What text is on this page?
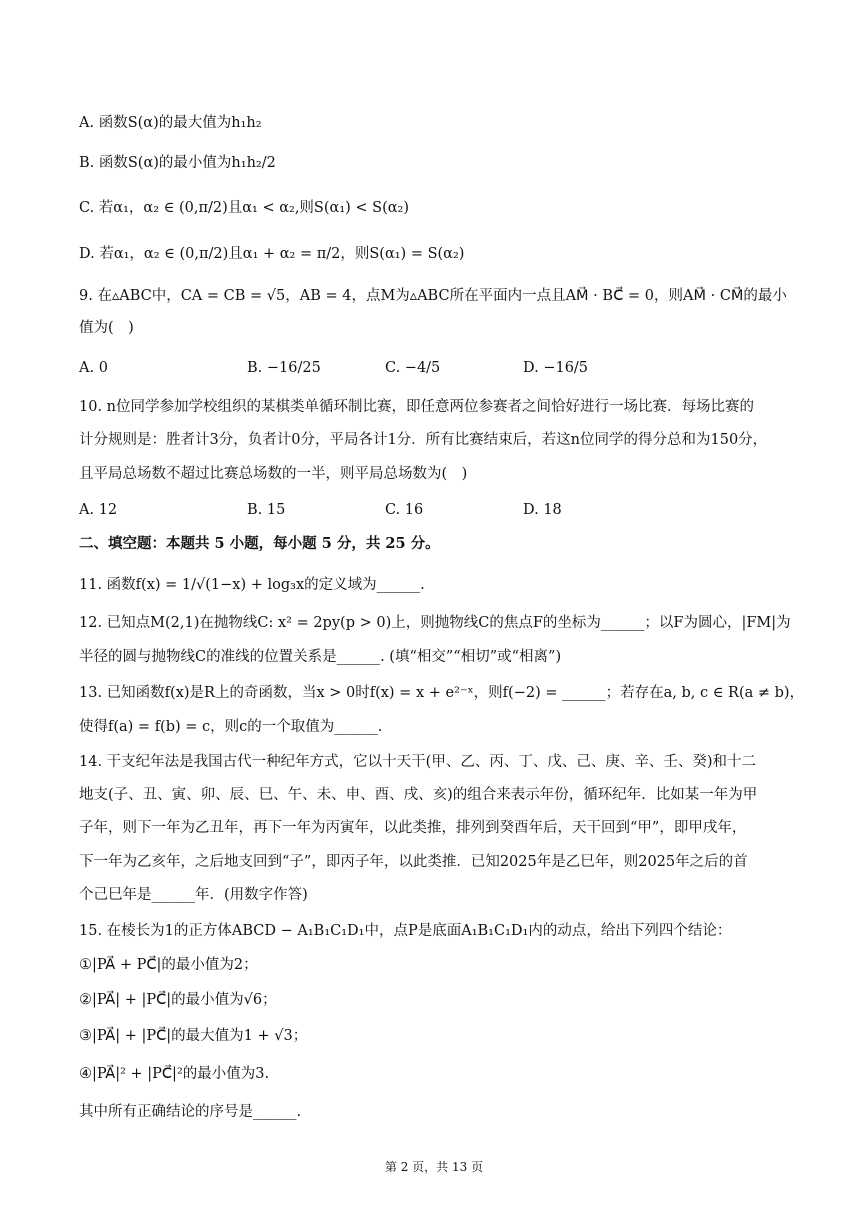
A. 函数S(α)的最大值为h₁h₂
B. 函数S(α)的最小值为h₁h₂/2
C. 若α₁，α₂ ∈ (0,π/2)且α₁ < α₂,则S(α₁) < S(α₂)
D. 若α₁，α₂ ∈ (0,π/2)且α₁ + α₂ = π/2，则S(α₁) = S(α₂)
9. 在▵ABC中，CA = CB = √5，AB = 4，点M为▵ABC所在平面内一点且AM⃗ · BC⃗ = 0，则AM⃗ · CM⃗的最小
值为(　)
A. 0	B. −16/25	C. −4/5	D. −16/5
10. n位同学参加学校组织的某棋类单循环制比赛，即任意两位参赛者之间恰好进行一场比赛．每场比赛的
计分规则是：胜者计3分，负者计0分，平局各计1分．所有比赛结束后，若这n位同学的得分总和为150分，
且平局总场数不超过比赛总场数的一半，则平局总场数为(　)
A. 12	B. 15	C. 16	D. 18
二、填空题：本题共 5 小题，每小题 5 分，共 25 分。
11. 函数f(x) = 1/√(1−x) + log₃x的定义域为______.
12. 已知点M(2,1)在抛物线C: x² = 2py(p > 0)上，则抛物线C的焦点F的坐标为______；以F为圆心，|FM|为
半径的圆与抛物线C的准线的位置关系是______. (填“相交”“相切”或“相离”)
13. 已知函数f(x)是R上的奇函数，当x > 0时f(x) = x + e²⁻ˣ，则f(−2) = ______；若存在a, b, c ∈ R(a ≠ b)，
使得f(a) = f(b) = c，则c的一个取值为______.
14. 干支纪年法是我国古代一种纪年方式，它以十天干(甲、乙、丙、丁、戊、己、庚、辛、壬、癸)和十二
地支(子、丑、寅、卯、辰、巳、午、未、申、酉、戌、亥)的组合来表示年份，循环纪年．比如某一年为甲
子年，则下一年为乙丑年，再下一年为丙寅年，以此类推，排列到癸酉年后，天干回到“甲”，即甲戌年，
下一年为乙亥年，之后地支回到“子”，即丙子年，以此类推．已知2025年是乙巳年，则2025年之后的首
个己巳年是______年．(用数字作答)
15. 在棱长为1的正方体ABCD − A₁B₁C₁D₁中，点P是底面A₁B₁C₁D₁内的动点，给出下列四个结论：
①|PA⃗ + PC⃗|的最小值为2；
②|PA⃗| + |PC⃗|的最小值为√6；
③|PA⃗| + |PC⃗|的最大值为1 + √3；
④|PA⃗|² + |PC⃗|²的最小值为3.
其中所有正确结论的序号是______.
第 2 页，共 13 页
